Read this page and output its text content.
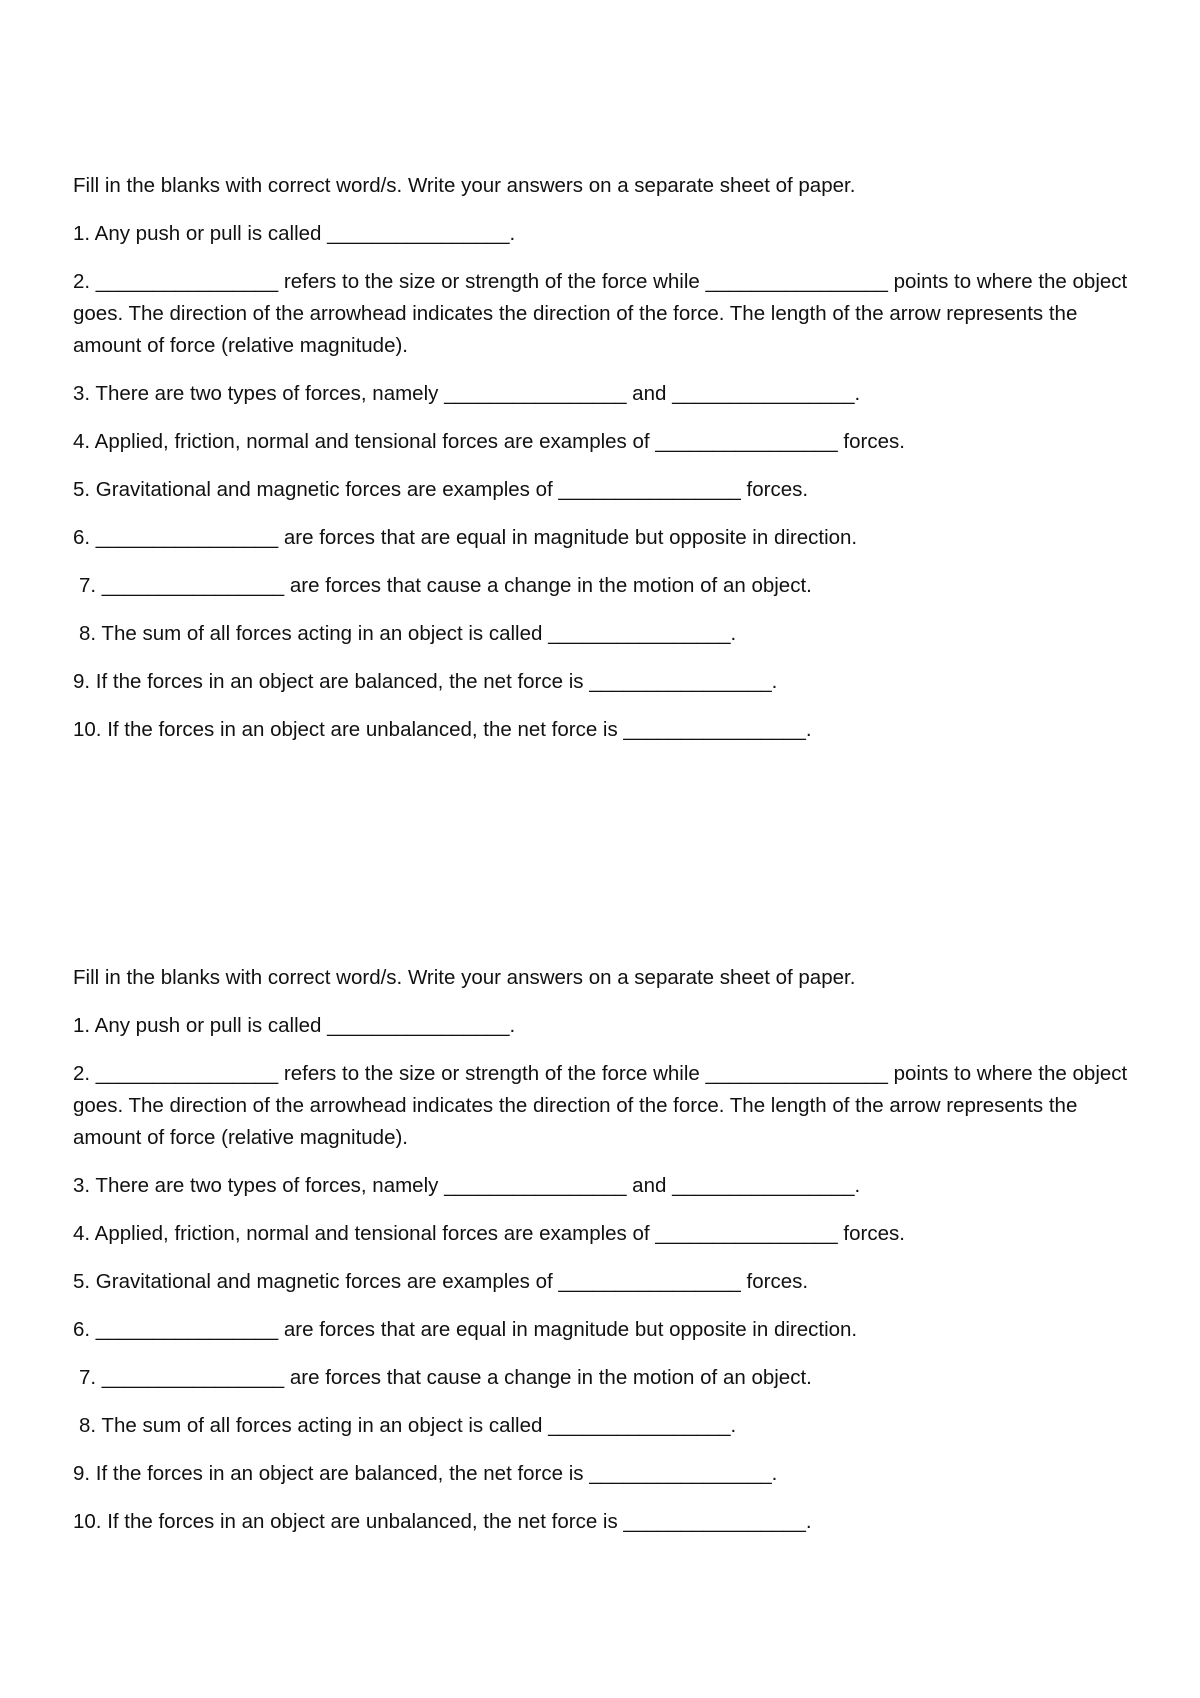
Fill in the blanks with correct word/s. Write your answers on a separate sheet of paper.

1. Any push or pull is called ________________.

2. ________________ refers to the size or strength of the force while ________________ points to where the object goes. The direction of the arrowhead indicates the direction of the force. The length of the arrow represents the amount of force (relative magnitude).

3. There are two types of forces, namely ________________ and ________________.

4. Applied, friction, normal and tensional forces are examples of ________________ forces.

5. Gravitational and magnetic forces are examples of ________________ forces.

6. ________________ are forces that are equal in magnitude but opposite in direction.

7. ________________ are forces that cause a change in the motion of an object.

8. The sum of all forces acting in an object is called ________________.

9. If the forces in an object are balanced, the net force is ________________.

10. If the forces in an object are unbalanced, the net force is ________________.

Fill in the blanks with correct word/s. Write your answers on a separate sheet of paper.

1. Any push or pull is called ________________.

2. ________________ refers to the size or strength of the force while ________________ points to where the object goes. The direction of the arrowhead indicates the direction of the force. The length of the arrow represents the amount of force (relative magnitude).

3. There are two types of forces, namely ________________ and ________________.

4. Applied, friction, normal and tensional forces are examples of ________________ forces.

5. Gravitational and magnetic forces are examples of ________________ forces.

6. ________________ are forces that are equal in magnitude but opposite in direction.

7. ________________ are forces that cause a change in the motion of an object.

8. The sum of all forces acting in an object is called ________________.

9. If the forces in an object are balanced, the net force is ________________.

10. If the forces in an object are unbalanced, the net force is ________________.
